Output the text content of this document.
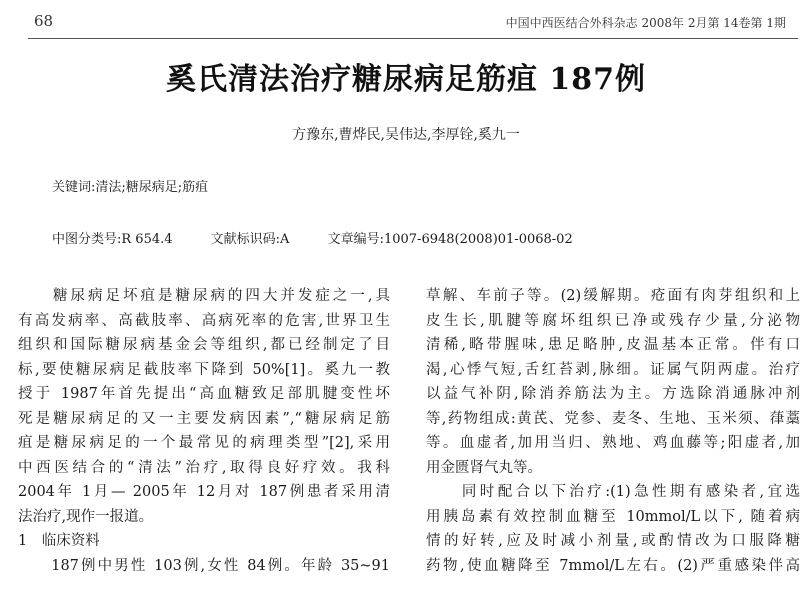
68	中国中西医结合外科杂志 2008年 2月第 14卷第 1期
奚氏清法治疗糖尿病足筋疽 187例
方豫东,曹烨民,吴伟达,李厚铨,奚九一
关键词:清法;糖尿病足;筋疽
中图分类号:R 654.4	文献标识码:A	文章编号:1007-6948(2008)01-0068-02
　　糖尿病足坏疽是糖尿病的四大并发症之一,具
有高发病率、高截肢率、高病死率的危害,世界卫生
组织和国际糖尿病基金会等组织,都已经制定了目
标,要使糖尿病足截肢率下降到 50%[1]。奚九一教
授于 1987年首先提出“高血糖致足部肌腱变性坏
死是糖尿病足的又一主要发病因素”,“糖尿病足筋
疽是糖尿病足的一个最常见的病理类型”[2],采用
中西医结合的“清法”治疗,取得良好疗效。我科
2004年 1月— 2005年 12月对 187例患者采用清
法治疗,现作一报道。
1　临床资料
　　187例中男性 103例,女性 84例。年龄 35~91
草解、车前子等。(2)缓解期。疮面有肉芽组织和上
皮生长,肌腱等腐坏组织已净或残存少量,分泌物
清稀,略带腥味,患足略肿,皮温基本正常。伴有口
渴,心悸气短,舌红苔剥,脉细。证属气阴两虚。治疗
以益气补阴,除消养筋法为主。方选除消通脉冲剂
等,药物组成:黄芪、党参、麦冬、生地、玉米须、葎藁
等。血虚者,加用当归、熟地、鸡血藤等;阳虚者,加
用金匮肾气丸等。
　　同时配合以下治疗:(1)急性期有感染者,宜选
用胰岛素有效控制血糖至 10mmol/L以下, 随着病
情的好转,应及时减小剂量,或酌情改为口服降糖
药物,使血糖降至 7mmol/L左右。(2)严重感染伴高
